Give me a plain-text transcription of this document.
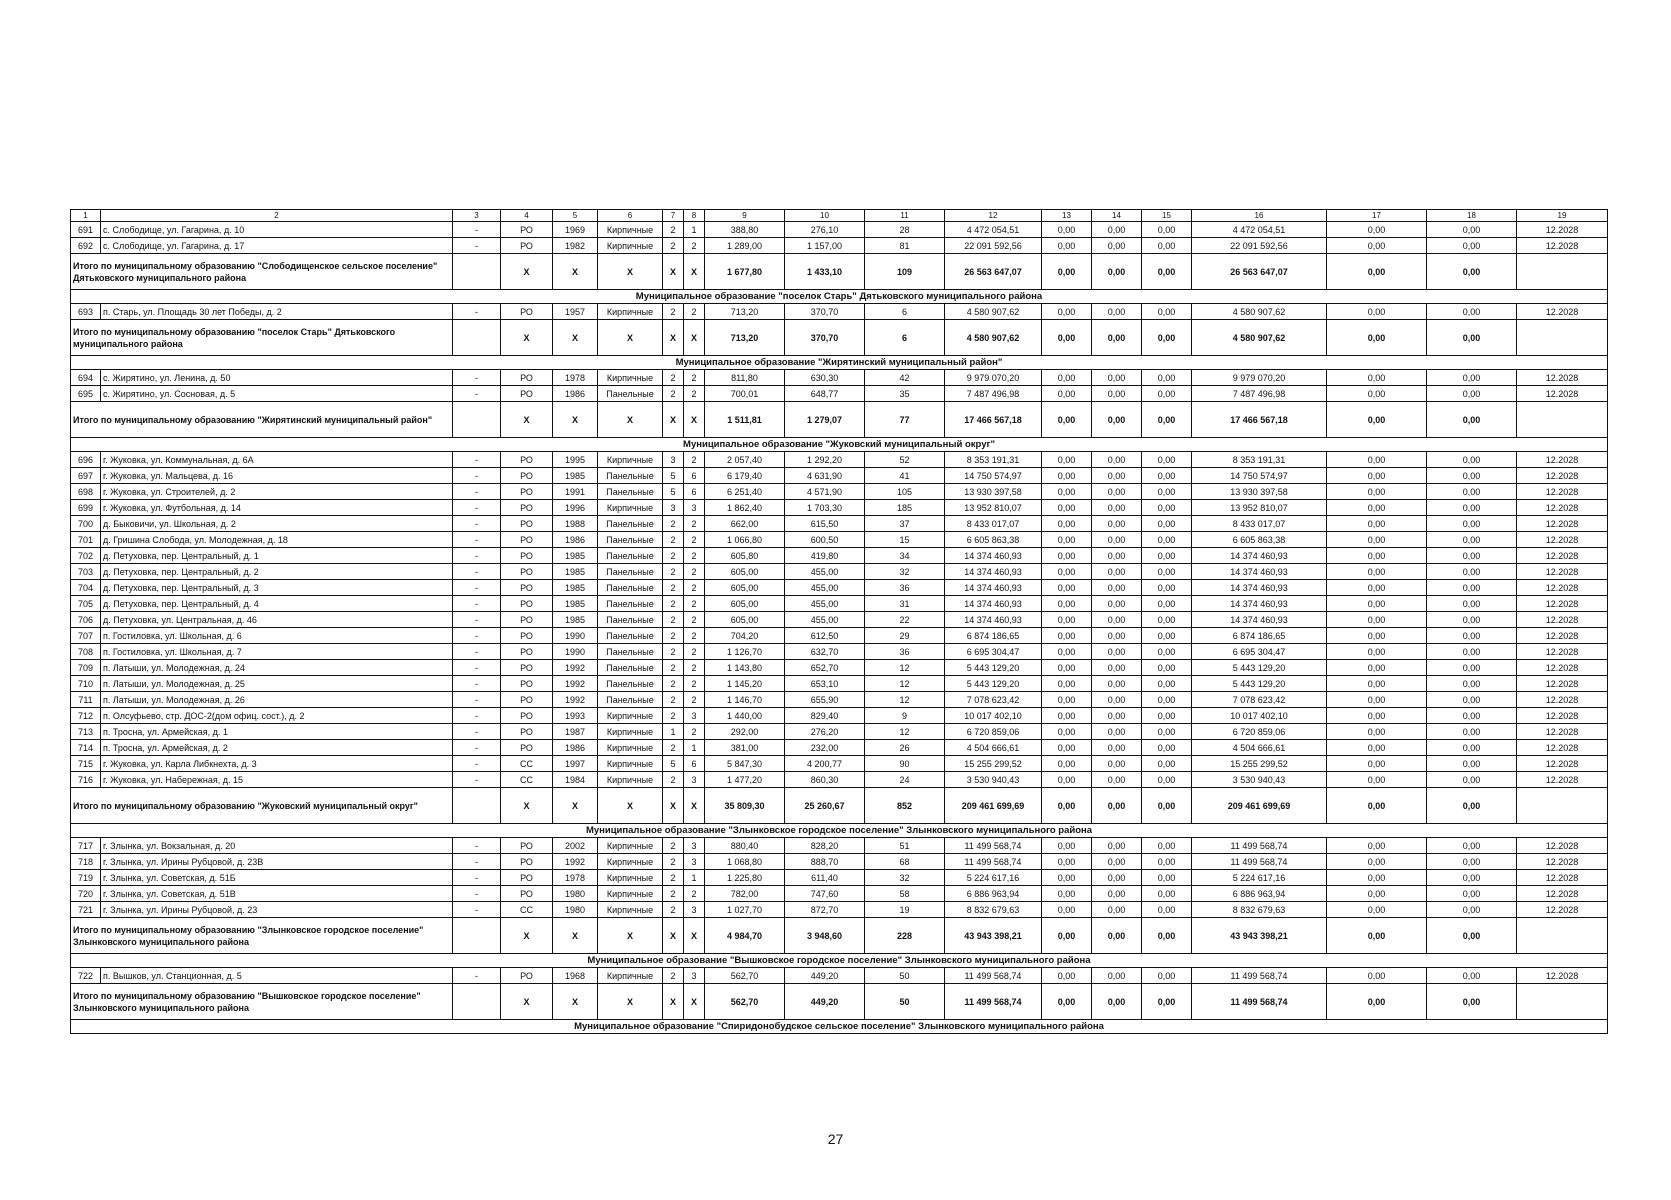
1	2	3	4	5	6	7	8	9	10	11	12	13	14	15	16	17	18	19
691	с. Слободище, ул. Гагарина, д. 10	-	РО	1969	Кирпичные	2	1	388,80	276,10	28	4 472 054,51	0,00	0,00	0,00	4 472 054,51	0,00	0,00	12.2028
692	с. Слободище, ул. Гагарина, д. 17	-	РО	1982	Кирпичные	2	2	1 289,00	1 157,00	81	22 091 592,56	0,00	0,00	0,00	22 091 592,56	0,00	0,00	12.2028
Итого по муниципальному образованию "Слободищенское сельское поселение" Дятьковского муниципального района			X	X	X	X	X	1 677,80	1 433,10	109	26 563 647,07	0,00	0,00	0,00	26 563 647,07	0,00	0,00	
Муниципальное образование "поселок Старь" Дятьковского муниципального района																		
693	п. Старь, ул. Площадь 30 лет Победы, д. 2	-	РО	1957	Кирпичные	2	2	713,20	370,70	6	4 580 907,62	0,00	0,00	0,00	4 580 907,62	0,00	0,00	12.2028
Итого по муниципальному образованию "поселок Старь" Дятьковского муниципального района			X	X	X	X	X	713,20	370,70	6	4 580 907,62	0,00	0,00	0,00	4 580 907,62	0,00	0,00	
Муниципальное образование "Жирятинский муниципальный район"																		
694	с. Жирятино, ул. Ленина, д. 50	-	РО	1978	Кирпичные	2	2	811,80	630,30	42	9 979 070,20	0,00	0,00	0,00	9 979 070,20	0,00	0,00	12.2028
695	с. Жирятино, ул. Сосновая, д. 5	-	РО	1986	Панельные	2	2	700,01	648,77	35	7 487 496,98	0,00	0,00	0,00	7 487 496,98	0,00	0,00	12.2028
Итого по муниципальному образованию "Жирятинский муниципальный район"			X	X	X	X	X	1 511,81	1 279,07	77	17 466 567,18	0,00	0,00	0,00	17 466 567,18	0,00	0,00	
Муниципальное образование "Жуковский муниципальный округ"																		
696	г. Жуковка, ул. Коммунальная, д. 6А	-	РО	1995	Кирпичные	3	2	2 057,40	1 292,20	52	8 353 191,31	0,00	0,00	0,00	8 353 191,31	0,00	0,00	12.2028
697	г. Жуковка, ул. Мальцева, д. 16	-	РО	1985	Панельные	5	6	6 179,40	4 631,90	41	14 750 574,97	0,00	0,00	0,00	14 750 574,97	0,00	0,00	12.2028
698	г. Жуковка, ул. Строителей, д. 2	-	РО	1991	Панельные	5	6	6 251,40	4 571,90	105	13 930 397,58	0,00	0,00	0,00	13 930 397,58	0,00	0,00	12.2028
699	г. Жуковка, ул. Футбольная, д. 14	-	РО	1996	Кирпичные	3	3	1 862,40	1 703,30	185	13 952 810,07	0,00	0,00	0,00	13 952 810,07	0,00	0,00	12.2028
700	д. Быковичи, ул. Школьная, д. 2	-	РО	1988	Панельные	2	2	662,00	615,50	37	8 433 017,07	0,00	0,00	0,00	8 433 017,07	0,00	0,00	12.2028
701	д. Гришина Слобода, ул. Молодежная, д. 18	-	РО	1986	Панельные	2	2	1 066,80	600,50	15	6 605 863,38	0,00	0,00	0,00	6 605 863,38	0,00	0,00	12.2028
702	д. Петуховка, пер. Центральный, д. 1	-	РО	1985	Панельные	2	2	605,80	419,80	34	14 374 460,93	0,00	0,00	0,00	14 374 460,93	0,00	0,00	12.2028
703	д. Петуховка, пер. Центральный, д. 2	-	РО	1985	Панельные	2	2	605,00	455,00	32	14 374 460,93	0,00	0,00	0,00	14 374 460,93	0,00	0,00	12.2028
704	д. Петуховка, пер. Центральный, д. 3	-	РО	1985	Панельные	2	2	605,00	455,00	36	14 374 460,93	0,00	0,00	0,00	14 374 460,93	0,00	0,00	12.2028
705	д. Петуховка, пер. Центральный, д. 4	-	РО	1985	Панельные	2	2	605,00	455,00	31	14 374 460,93	0,00	0,00	0,00	14 374 460,93	0,00	0,00	12.2028
706	д. Петуховка, ул. Центральная, д. 46	-	РО	1985	Панельные	2	2	605,00	455,00	22	14 374 460,93	0,00	0,00	0,00	14 374 460,93	0,00	0,00	12.2028
707	п. Гостиловка, ул. Школьная, д. 6	-	РО	1990	Панельные	2	2	704,20	612,50	29	6 874 186,65	0,00	0,00	0,00	6 874 186,65	0,00	0,00	12.2028
708	п. Гостиловка, ул. Школьная, д. 7	-	РО	1990	Панельные	2	2	1 126,70	632,70	36	6 695 304,47	0,00	0,00	0,00	6 695 304,47	0,00	0,00	12.2028
709	п. Латыши, ул. Молодежная, д. 24	-	РО	1992	Панельные	2	2	1 143,80	652,70	12	5 443 129,20	0,00	0,00	0,00	5 443 129,20	0,00	0,00	12.2028
710	п. Латыши, ул. Молодежная, д. 25	-	РО	1992	Панельные	2	2	1 145,20	653,10	12	5 443 129,20	0,00	0,00	0,00	5 443 129,20	0,00	0,00	12.2028
711	п. Латыши, ул. Молодежная, д. 26	-	РО	1992	Панельные	2	2	1 146,70	655,90	12	7 078 623,42	0,00	0,00	0,00	7 078 623,42	0,00	0,00	12.2028
712	п. Олсуфьево, стр. ДОС-2(дом офиц. сост.), д. 2	-	РО	1993	Кирпичные	2	3	1 440,00	829,40	9	10 017 402,10	0,00	0,00	0,00	10 017 402,10	0,00	0,00	12.2028
713	п. Тросна, ул. Армейская, д. 1	-	РО	1987	Кирпичные	1	2	292,00	276,20	12	6 720 859,06	0,00	0,00	0,00	6 720 859,06	0,00	0,00	12.2028
714	п. Тросна, ул. Армейская, д. 2	-	РО	1986	Кирпичные	2	1	381,00	232,00	26	4 504 666,61	0,00	0,00	0,00	4 504 666,61	0,00	0,00	12.2028
715	г. Жуковка, ул. Карла Либкнехта, д. 3	-	СС	1997	Кирпичные	5	6	5 847,30	4 200,77	90	15 255 299,52	0,00	0,00	0,00	15 255 299,52	0,00	0,00	12.2028
716	г. Жуковка, ул. Набережная, д. 15	-	СС	1984	Кирпичные	2	3	1 477,20	860,30	24	3 530 940,43	0,00	0,00	0,00	3 530 940,43	0,00	0,00	12.2028
Итого по муниципальному образованию "Жуковский муниципальный округ"			X	X	X	X	X	35 809,30	25 260,67	852	209 461 699,69	0,00	0,00	0,00	209 461 699,69	0,00	0,00	
Муниципальное образование "Злынковское городское поселение" Злынковского муниципального района																		
717	г. Злынка, ул. Вокзальная, д. 20	-	РО	2002	Кирпичные	2	3	880,40	828,20	51	11 499 568,74	0,00	0,00	0,00	11 499 568,74	0,00	0,00	12.2028
718	г. Злынка, ул. Ирины Рубцовой, д. 23В	-	РО	1992	Кирпичные	2	3	1 068,80	888,70	68	11 499 568,74	0,00	0,00	0,00	11 499 568,74	0,00	0,00	12.2028
719	г. Злынка, ул. Советская, д. 51Б	-	РО	1978	Кирпичные	2	1	1 225,80	611,40	32	5 224 617,16	0,00	0,00	0,00	5 224 617,16	0,00	0,00	12.2028
720	г. Злынка, ул. Советская, д. 51В	-	РО	1980	Кирпичные	2	2	782,00	747,60	58	6 886 963,94	0,00	0,00	0,00	6 886 963,94	0,00	0,00	12.2028
721	г. Злынка, ул. Ирины Рубцовой, д. 23	-	СС	1980	Кирпичные	2	3	1 027,70	872,70	19	8 832 679,63	0,00	0,00	0,00	8 832 679,63	0,00	0,00	12.2028
Итого по муниципальному образованию "Злынковское городское поселение" Злынковского муниципального района			X	X	X	X	X	4 984,70	3 948,60	228	43 943 398,21	0,00	0,00	0,00	43 943 398,21	0,00	0,00	
Муниципальное образование "Вышковское городское поселение" Злынковского муниципального района																		
722	п. Вышков, ул. Станционная, д. 5	-	РО	1968	Кирпичные	2	3	562,70	449,20	50	11 499 568,74	0,00	0,00	0,00	11 499 568,74	0,00	0,00	12.2028
Итого по муниципальному образованию "Вышковское городское поселение" Злынковского муниципального района			X	X	X	X	X	562,70	449,20	50	11 499 568,74	0,00	0,00	0,00	11 499 568,74	0,00	0,00	
Муниципальное образование "Спиридонобудское сельское поселение" Злынковского муниципального района																		
27
